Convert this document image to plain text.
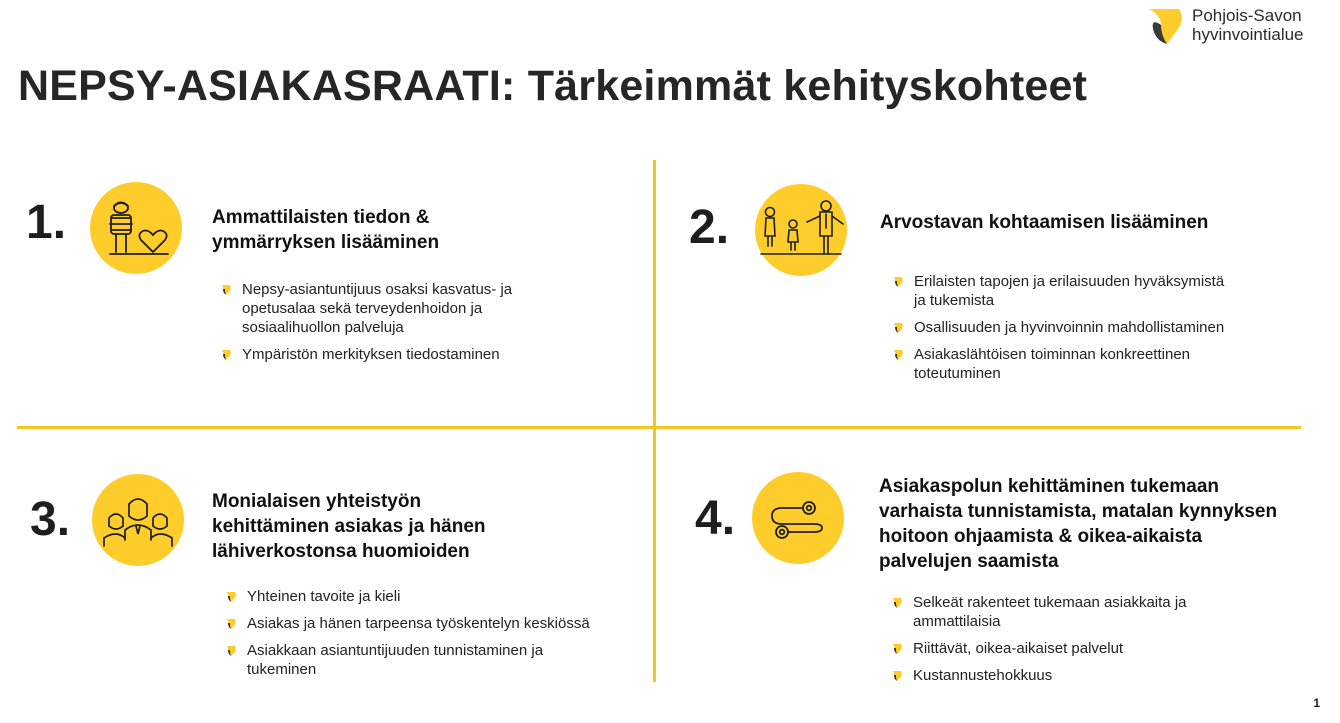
Pohjois-Savon
hyvinvointialue
NEPSY-ASIAKASRAATI: Tärkeimmät kehityskohteet
1.	Ammattilaisten tiedon &
ymmärryksen lisääminen
Nepsy-asiantuntijuus osaksi kasvatus- ja
opetusalaa sekä terveydenhoidon ja
sosiaalihuollon palveluja
Ympäristön merkityksen tiedostaminen
2.	Arvostavan kohtaamisen lisääminen
Erilaisten tapojen ja erilaisuuden hyväksymistä
ja tukemista
Osallisuuden ja hyvinvoinnin mahdollistaminen
Asiakaslähtöisen toiminnan konkreettinen
toteutuminen
3.	Monialaisen yhteistyön
kehittäminen asiakas ja hänen
lähiverkostonsa huomioiden
Yhteinen tavoite ja kieli
Asiakas ja hänen tarpeensa työskentelyn keskiössä
Asiakkaan asiantuntijuuden tunnistaminen ja
tukeminen
4.
Asiakaspolun kehittäminen tukemaan
varhaista tunnistamista, matalan kynnyksen
hoitoon ohjaamista & oikea-aikaista
palvelujen saamista
Selkeät rakenteet tukemaan asiakkaita ja
ammattilaisia
Riittävät, oikea-aikaiset palvelut
Kustannustehokkuus
1
